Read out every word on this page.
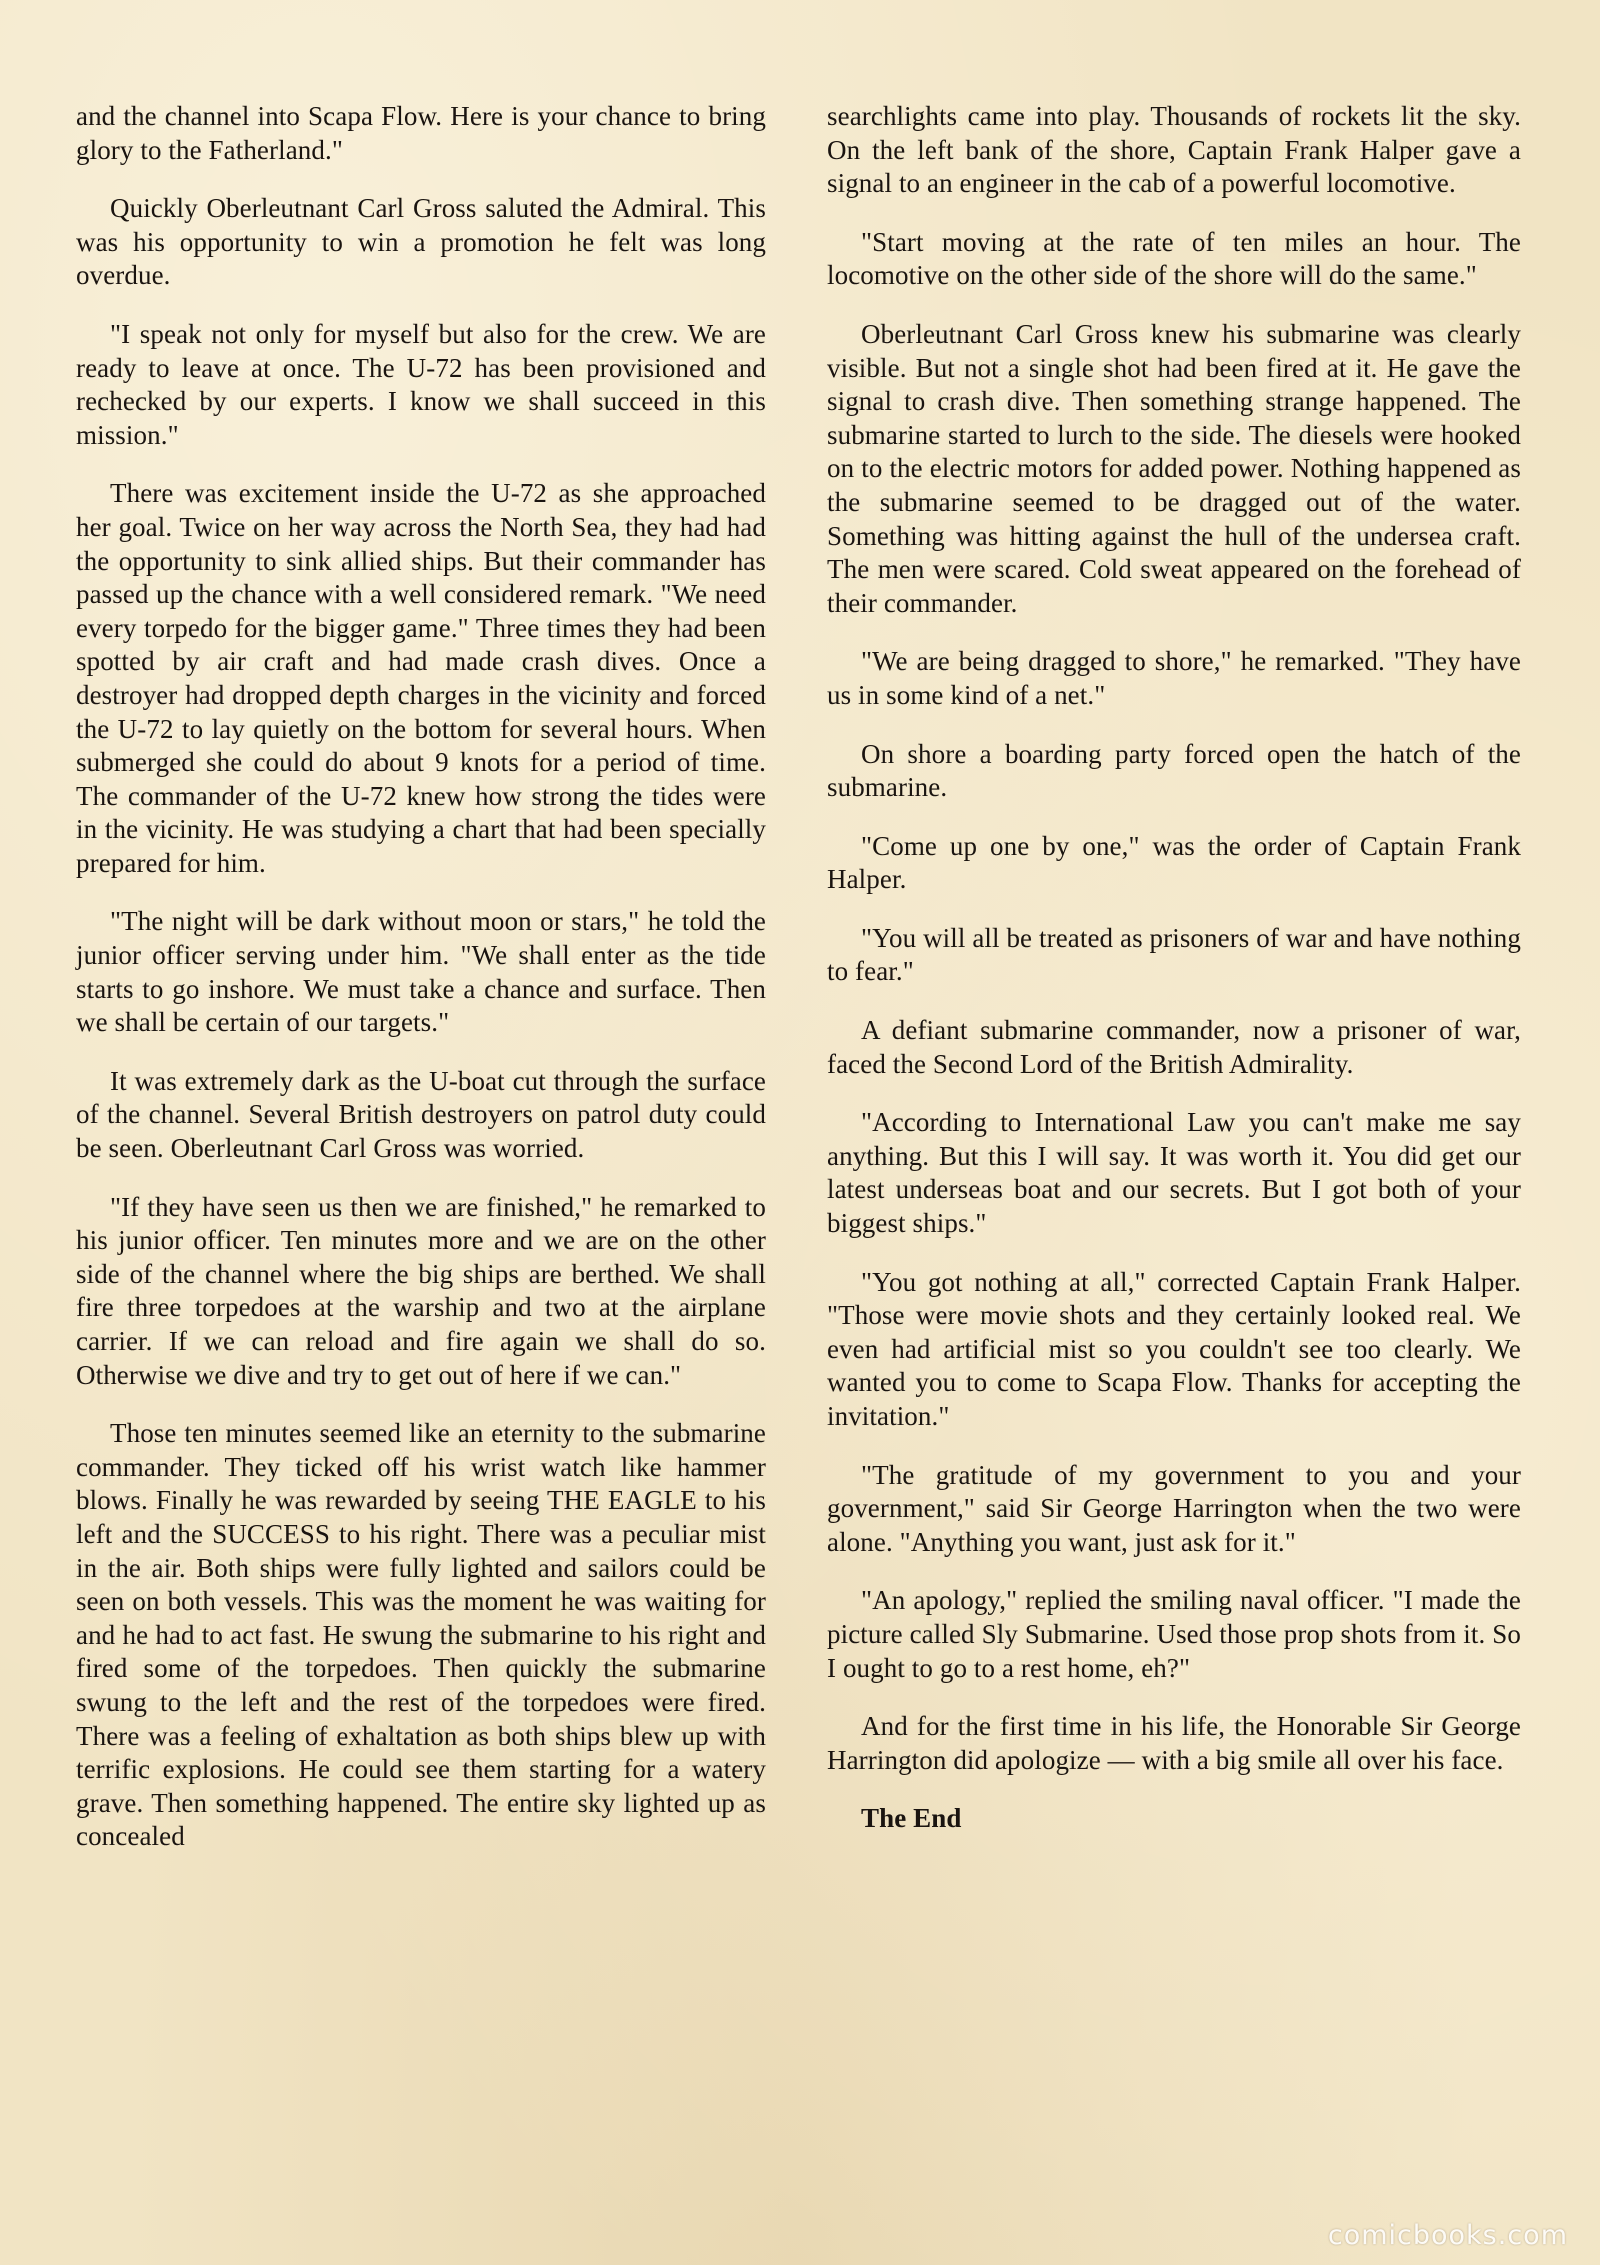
and the channel into Scapa Flow. Here is your chance to bring glory to the Fatherland."

Quickly Oberleutnant Carl Gross saluted the Admiral. This was his opportunity to win a promotion he felt was long overdue.

"I speak not only for myself but also for the crew. We are ready to leave at once. The U-72 has been provisioned and rechecked by our experts. I know we shall succeed in this mission."

There was excitement inside the U-72 as she approached her goal. Twice on her way across the North Sea, they had had the opportunity to sink allied ships. But their commander has passed up the chance with a well considered remark. "We need every torpedo for the bigger game." Three times they had been spotted by air craft and had made crash dives. Once a destroyer had dropped depth charges in the vicinity and forced the U-72 to lay quietly on the bottom for several hours. When submerged she could do about 9 knots for a period of time. The commander of the U-72 knew how strong the tides were in the vicinity. He was studying a chart that had been specially prepared for him.

"The night will be dark without moon or stars," he told the junior officer serving under him. "We shall enter as the tide starts to go inshore. We must take a chance and surface. Then we shall be certain of our targets."

It was extremely dark as the U-boat cut through the surface of the channel. Several British destroyers on patrol duty could be seen. Oberleutnant Carl Gross was worried.

"If they have seen us then we are finished," he remarked to his junior officer. Ten minutes more and we are on the other side of the channel where the big ships are berthed. We shall fire three torpedoes at the warship and two at the airplane carrier. If we can reload and fire again we shall do so. Otherwise we dive and try to get out of here if we can."

Those ten minutes seemed like an eternity to the submarine commander. They ticked off his wrist watch like hammer blows. Finally he was rewarded by seeing THE EAGLE to his left and the SUCCESS to his right. There was a peculiar mist in the air. Both ships were fully lighted and sailors could be seen on both vessels. This was the moment he was waiting for and he had to act fast. He swung the submarine to his right and fired some of the torpedoes. Then quickly the submarine swung to the left and the rest of the torpedoes were fired. There was a feeling of exhaltation as both ships blew up with terrific explosions. He could see them starting for a watery grave. Then something happened. The entire sky lighted up as concealed

searchlights came into play. Thousands of rockets lit the sky. On the left bank of the shore, Captain Frank Halper gave a signal to an engineer in the cab of a powerful locomotive.

"Start moving at the rate of ten miles an hour. The locomotive on the other side of the shore will do the same."

Oberleutnant Carl Gross knew his submarine was clearly visible. But not a single shot had been fired at it. He gave the signal to crash dive. Then something strange happened. The submarine started to lurch to the side. The diesels were hooked on to the electric motors for added power. Nothing happened as the submarine seemed to be dragged out of the water. Something was hitting against the hull of the undersea craft. The men were scared. Cold sweat appeared on the forehead of their commander.

"We are being dragged to shore," he remarked. "They have us in some kind of a net."

On shore a boarding party forced open the hatch of the submarine.

"Come up one by one," was the order of Captain Frank Halper.

"You will all be treated as prisoners of war and have nothing to fear."

A defiant submarine commander, now a prisoner of war, faced the Second Lord of the British Admirality.

"According to International Law you can't make me say anything. But this I will say. It was worth it. You did get our latest underseas boat and our secrets. But I got both of your biggest ships."

"You got nothing at all," corrected Captain Frank Halper. "Those were movie shots and they certainly looked real. We even had artificial mist so you couldn't see too clearly. We wanted you to come to Scapa Flow. Thanks for accepting the invitation."

"The gratitude of my government to you and your government," said Sir George Harrington when the two were alone. "Anything you want, just ask for it."

"An apology," replied the smiling naval officer. "I made the picture called Sly Submarine. Used those prop shots from it. So I ought to go to a rest home, eh?"

And for the first time in his life, the Honorable Sir George Harrington did apologize — with a big smile all over his face.

The End

comicbooks.com
